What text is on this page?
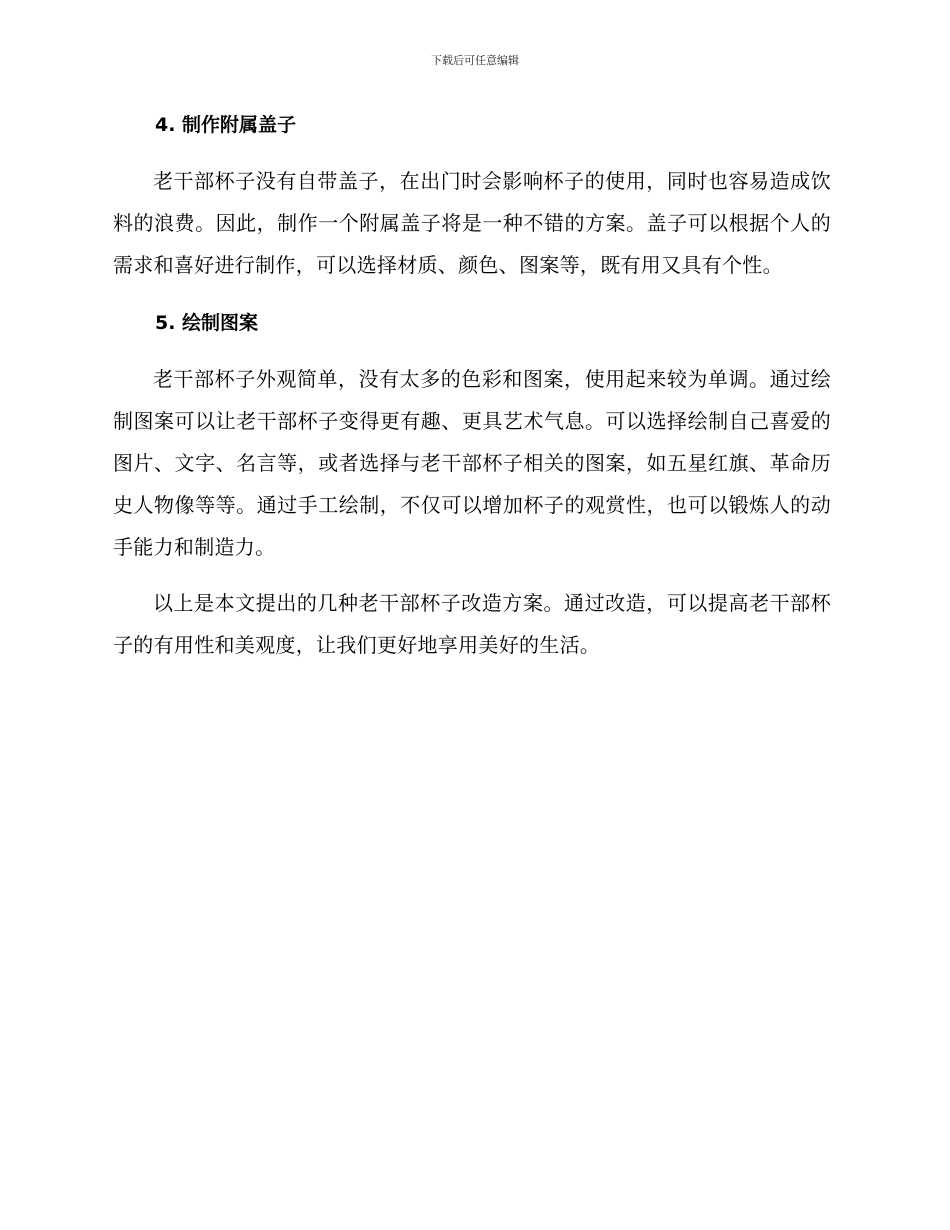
下载后可任意编辑
4. 制作附属盖子

老干部杯子没有自带盖子，在出门时会影响杯子的使用，同时也容易造成饮料的浪费。因此，制作一个附属盖子将是一种不错的方案。盖子可以根据个人的需求和喜好进行制作，可以选择材质、颜色、图案等，既有用又具有个性。

5. 绘制图案

老干部杯子外观简单，没有太多的色彩和图案，使用起来较为单调。通过绘制图案可以让老干部杯子变得更有趣、更具艺术气息。可以选择绘制自己喜爱的图片、文字、名言等，或者选择与老干部杯子相关的图案，如五星红旗、革命历史人物像等等。通过手工绘制，不仅可以增加杯子的观赏性，也可以锻炼人的动手能力和制造力。

以上是本文提出的几种老干部杯子改造方案。通过改造，可以提高老干部杯子的有用性和美观度，让我们更好地享用美好的生活。
